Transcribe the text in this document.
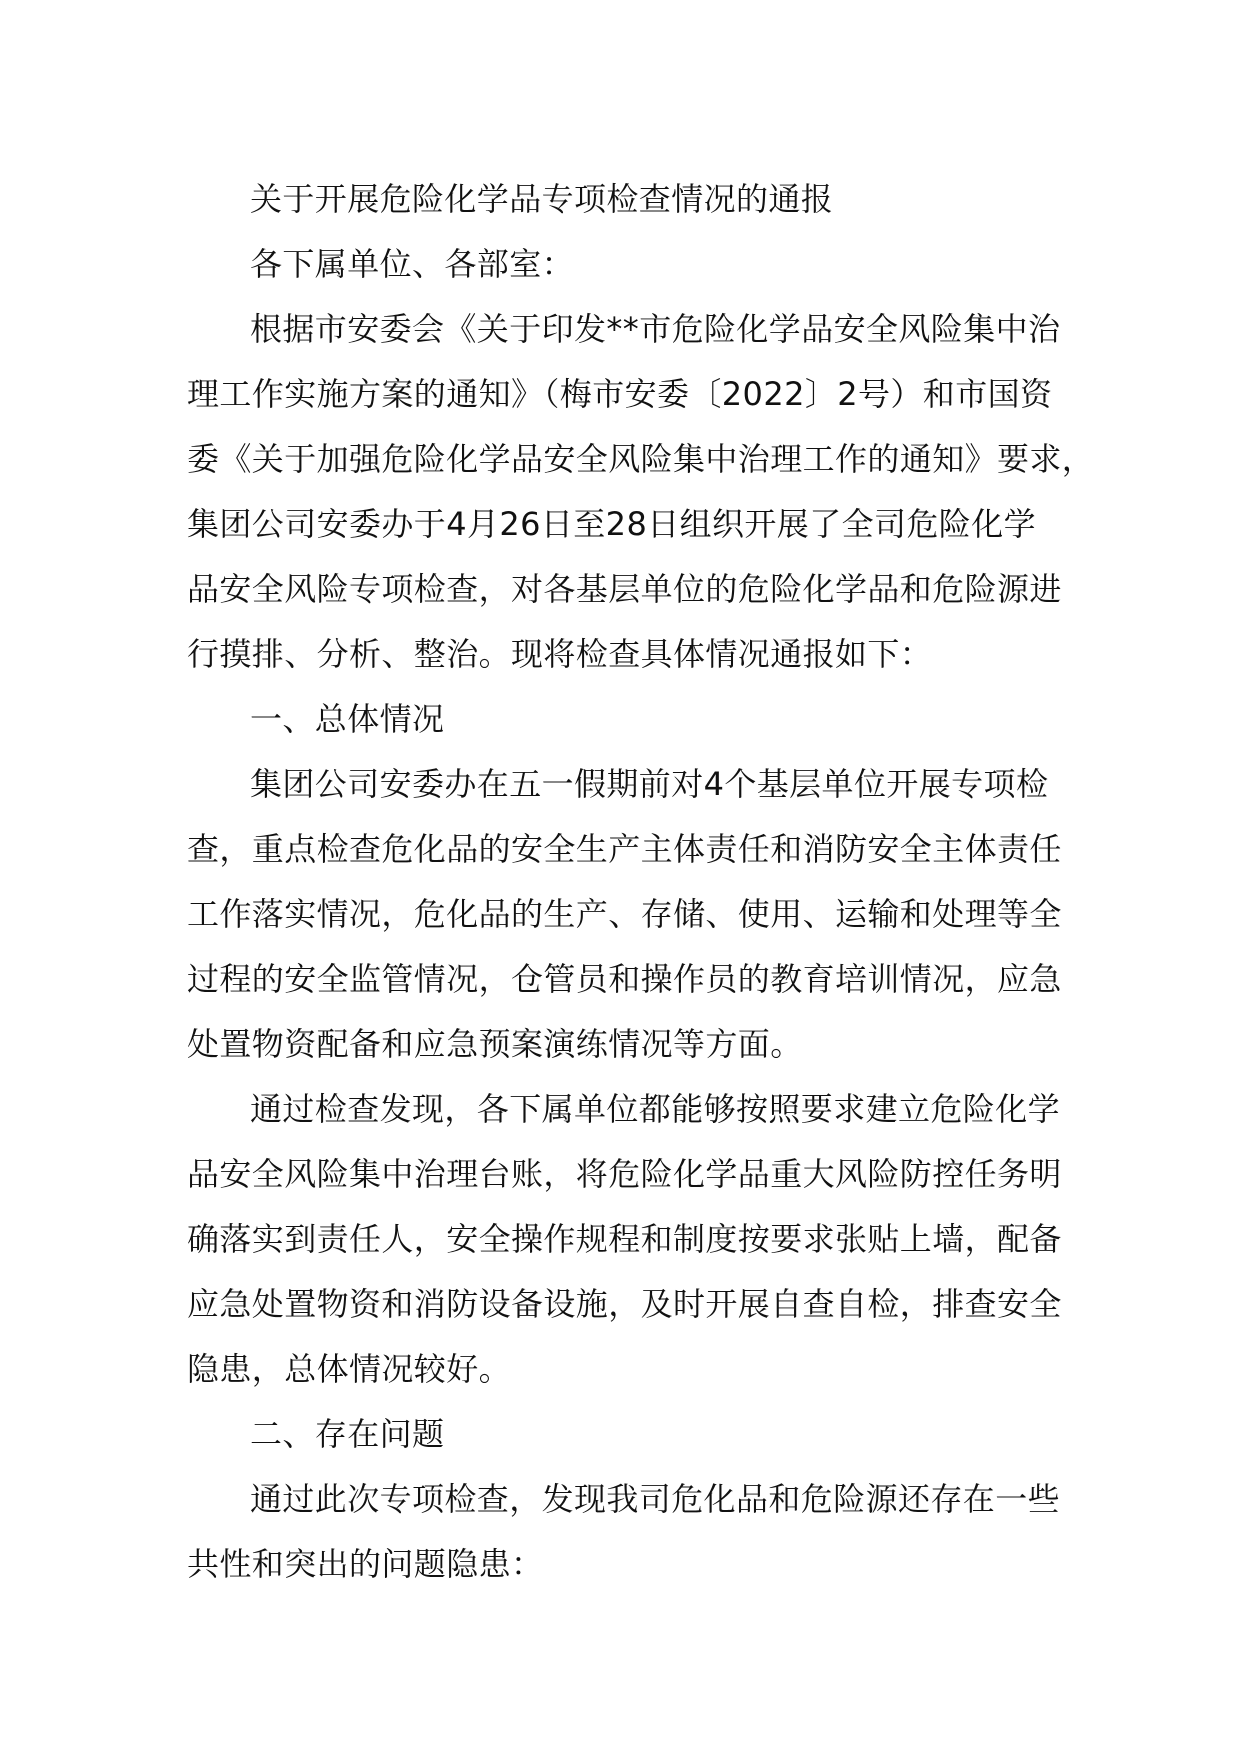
关于开展危险化学品专项检查情况的通报
各下属单位、各部室：
根据市安委会《关于印发**市危险化学品安全风险集中治
理工作实施方案的通知》（梅市安委〔2022〕2号）和市国资
委《关于加强危险化学品安全风险集中治理工作的通知》要求，
集团公司安委办于4月26日至28日组织开展了全司危险化学
品安全风险专项检查，对各基层单位的危险化学品和危险源进
行摸排、分析、整治。现将检查具体情况通报如下：
一、总体情况
集团公司安委办在五一假期前对4个基层单位开展专项检
查，重点检查危化品的安全生产主体责任和消防安全主体责任
工作落实情况，危化品的生产、存储、使用、运输和处理等全
过程的安全监管情况，仓管员和操作员的教育培训情况，应急
处置物资配备和应急预案演练情况等方面。
通过检查发现，各下属单位都能够按照要求建立危险化学
品安全风险集中治理台账，将危险化学品重大风险防控任务明
确落实到责任人，安全操作规程和制度按要求张贴上墙，配备
应急处置物资和消防设备设施，及时开展自查自检，排查安全
隐患，总体情况较好。
二、存在问题
通过此次专项检查，发现我司危化品和危险源还存在一些
共性和突出的问题隐患：
